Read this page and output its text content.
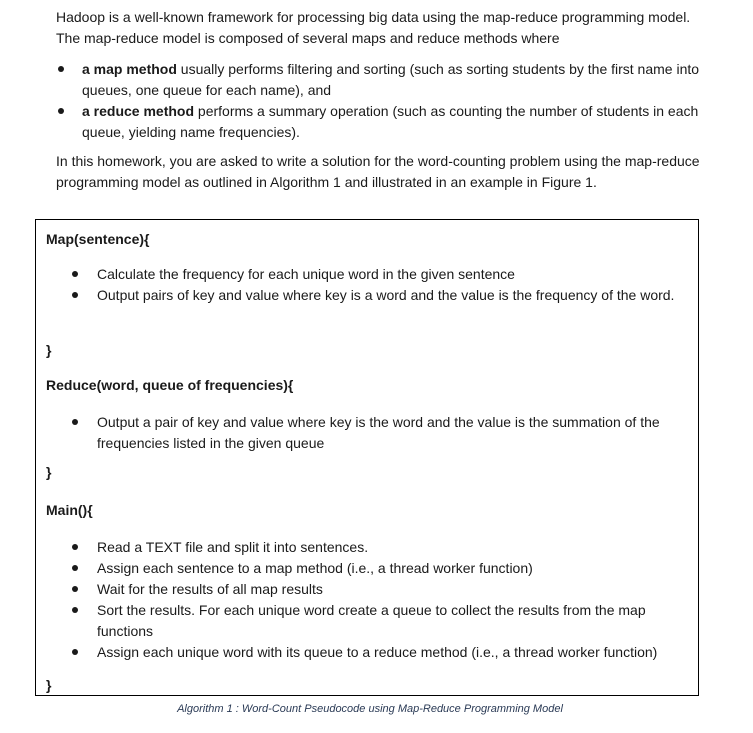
Hadoop is a well-known framework for processing big data using the map-reduce programming model. The map-reduce model is composed of several maps and reduce methods where

a map method usually performs filtering and sorting (such as sorting students by the first name into queues, one queue for each name), and
a reduce method performs a summary operation (such as counting the number of students in each queue, yielding name frequencies).

In this homework, you are asked to write a solution for the word-counting problem using the map-reduce programming model as outlined in Algorithm 1 and illustrated in an example in Figure 1.

Map(sentence){
Calculate the frequency for each unique word in the given sentence
Output pairs of key and value where key is a word and the value is the frequency of the word.
}
Reduce(word, queue of frequencies){
Output a pair of key and value where key is the word and the value is the summation of the frequencies listed in the given queue
}
Main(){
Read a TEXT file and split it into sentences.
Assign each sentence to a map method (i.e., a thread worker function)
Wait for the results of all map results
Sort the results. For each unique word create a queue to collect the results from the map functions
Assign each unique word with its queue to a reduce method (i.e., a thread worker function)
}
Algorithm 1 : Word-Count Pseudocode using Map-Reduce Programming Model
